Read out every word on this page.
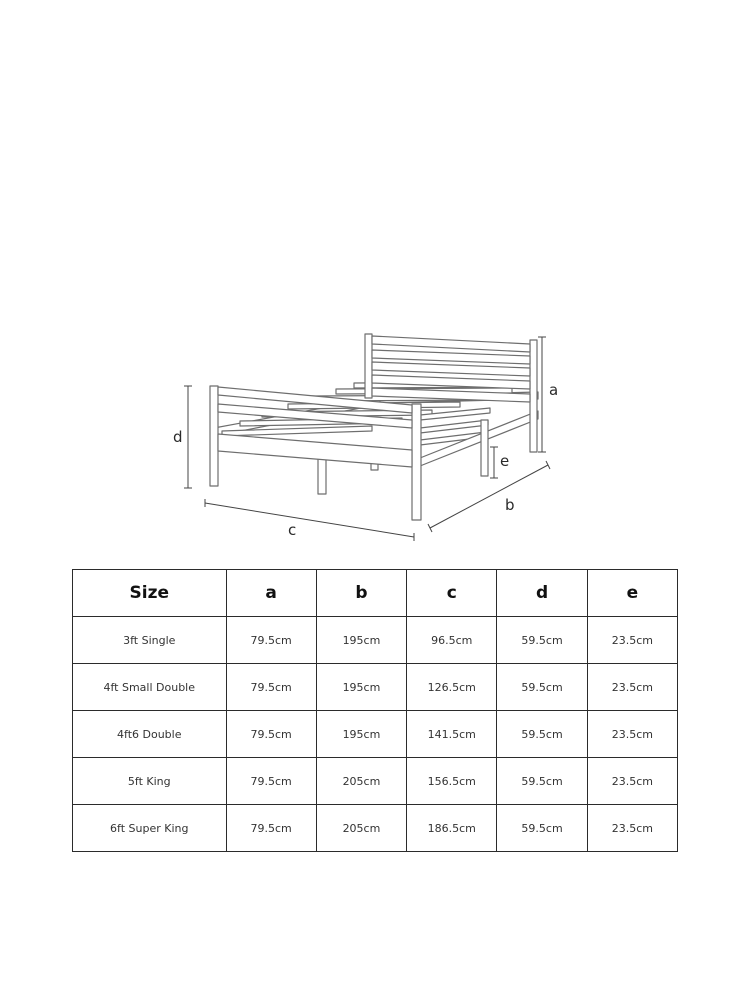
a
d
e
c
b
Size	a	b	c	d	e
3ft Single	79.5cm	195cm	96.5cm	59.5cm	23.5cm
4ft Small Double	79.5cm	195cm	126.5cm	59.5cm	23.5cm
4ft6 Double	79.5cm	195cm	141.5cm	59.5cm	23.5cm
5ft King	79.5cm	205cm	156.5cm	59.5cm	23.5cm
6ft Super King	79.5cm	205cm	186.5cm	59.5cm	23.5cm
